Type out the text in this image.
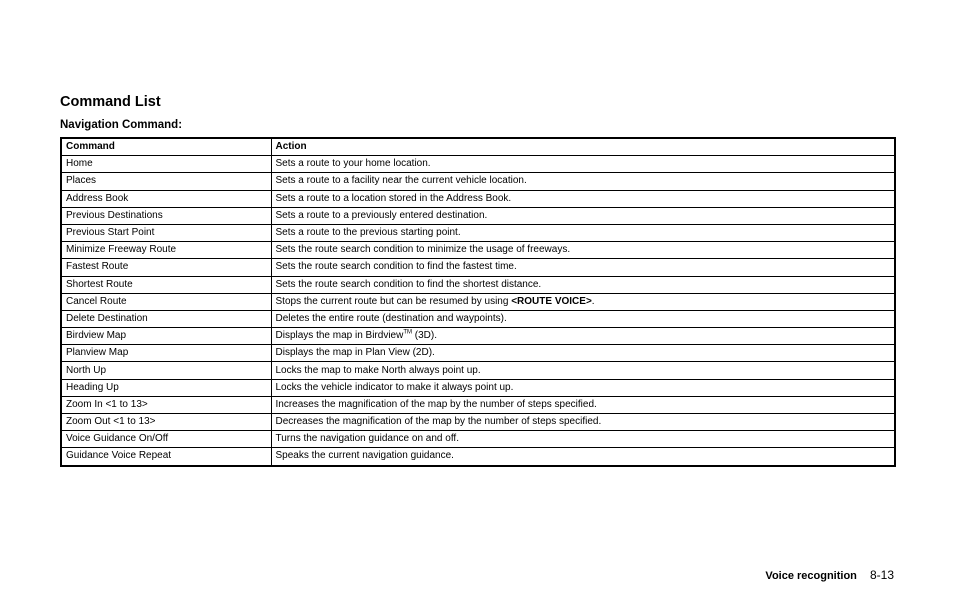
Command List
Navigation Command:
Command	Action
Home	Sets a route to your home location.
Places	Sets a route to a facility near the current vehicle location.
Address Book	Sets a route to a location stored in the Address Book.
Previous Destinations	Sets a route to a previously entered destination.
Previous Start Point	Sets a route to the previous starting point.
Minimize Freeway Route	Sets the route search condition to minimize the usage of freeways.
Fastest Route	Sets the route search condition to find the fastest time.
Shortest Route	Sets the route search condition to find the shortest distance.
Cancel Route	Stops the current route but can be resumed by using <ROUTE VOICE>.
Delete Destination	Deletes the entire route (destination and waypoints).
Birdview Map	Displays the map in Birdview™ (3D).
Planview Map	Displays the map in Plan View (2D).
North Up	Locks the map to make North always point up.
Heading Up	Locks the vehicle indicator to make it always point up.
Zoom In <1 to 13>	Increases the magnification of the map by the number of steps specified.
Zoom Out <1 to 13>	Decreases the magnification of the map by the number of steps specified.
Voice Guidance On/Off	Turns the navigation guidance on and off.
Guidance Voice Repeat	Speaks the current navigation guidance.
Voice recognition 8-13
